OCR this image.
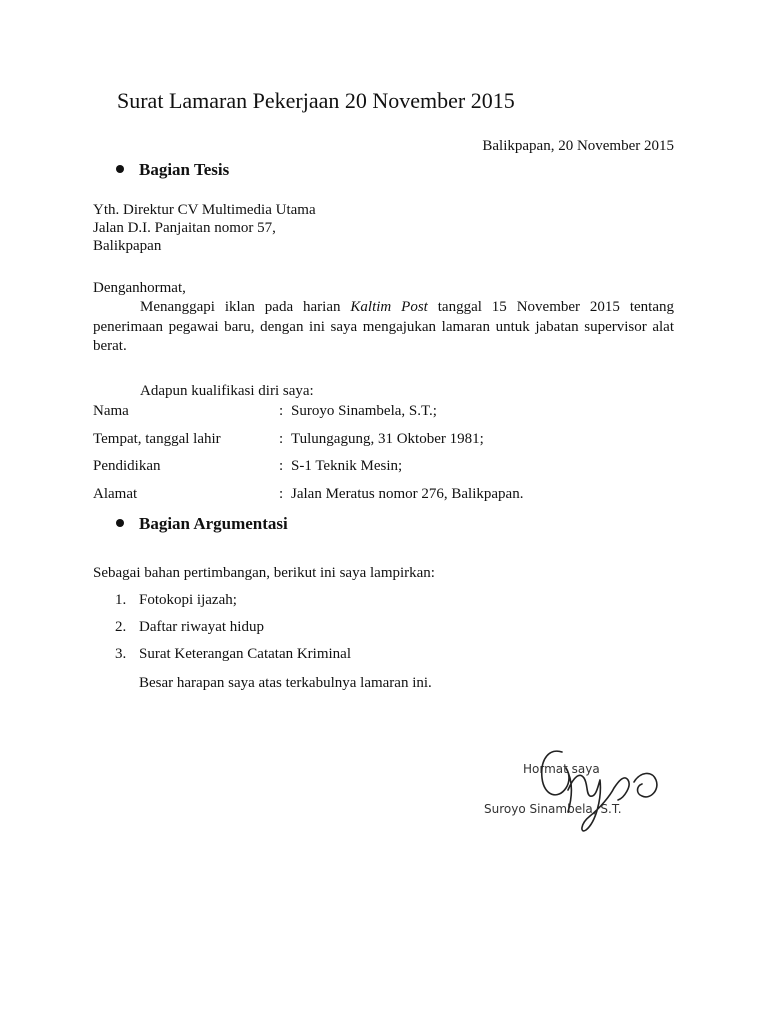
Surat Lamaran Pekerjaan 20 November 2015
Balikpapan, 20 November 2015
Bagian Tesis
Yth. Direktur CV Multimedia Utama
Jalan D.I. Panjaitan nomor 57,
Balikpapan
Denganhormat,
Menanggapi iklan pada harian Kaltim Post tanggal 15 November 2015 tentang penerimaan pegawai baru, dengan ini saya mengajukan lamaran untuk jabatan supervisor alat berat.
Adapun kualifikasi diri saya:
Nama	: Suroyo Sinambela, S.T.;
Tempat, tanggal lahir	: Tulungagung, 31 Oktober 1981;
Pendidikan	: S-1 Teknik Mesin;
Alamat	: Jalan Meratus nomor 276, Balikpapan.
Bagian Argumentasi
Sebagai bahan pertimbangan, berikut ini saya lampirkan:
1. Fotokopi ijazah;
2. Daftar riwayat hidup
3. Surat Keterangan Catatan Kriminal
Besar harapan saya atas terkabulnya lamaran ini.
Hormat saya
Suroyo Sinambela, S.T.
